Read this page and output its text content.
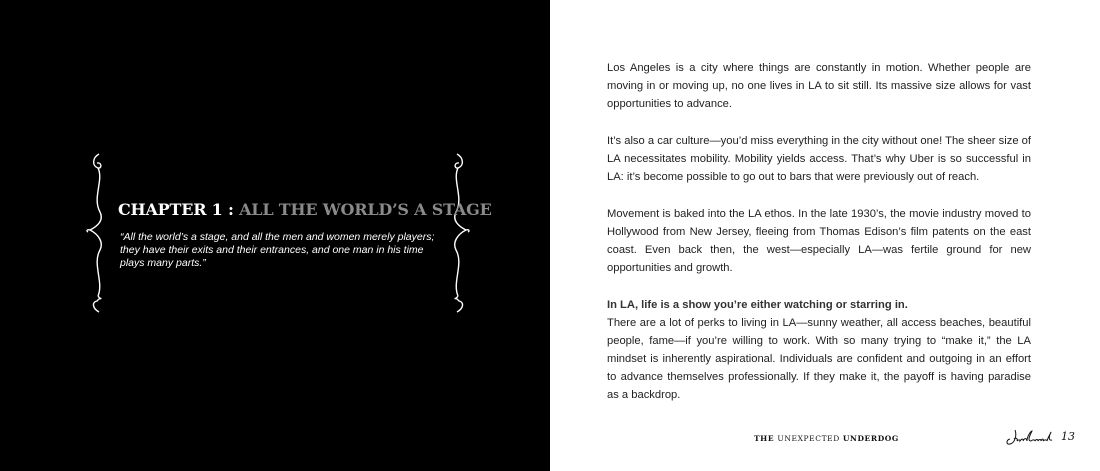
CHAPTER 1 : ALL THE WORLD’S A STAGE
“All the world’s a stage, and all the men and women merely players; they have their exits and their entrances, and one man in his time plays many parts.”

Los Angeles is a city where things are constantly in motion. Whether people are moving in or moving up, no one lives in LA to sit still. Its massive size allows for vast opportunities to advance.

It’s also a car culture—you’d miss everything in the city without one! The sheer size of LA necessitates mobility. Mobility yields access. That’s why Uber is so successful in LA: it’s become possible to go out to bars that were previously out of reach.

Movement is baked into the LA ethos. In the late 1930’s, the movie industry moved to Hollywood from New Jersey, fleeing from Thomas Edison’s film patents on the east coast. Even back then, the west—especially LA—was fertile ground for new opportunities and growth.

In LA, life is a show you’re either watching or starring in.

There are a lot of perks to living in LA—sunny weather, all access beaches, beautiful people, fame—if you’re willing to work. With so many trying to “make it,” the LA mindset is inherently aspirational. Individuals are confident and outgoing in an effort to advance themselves professionally. If they make it, the payoff is having paradise as a backdrop.

THE UNEXPECTED UNDERDOG	13
